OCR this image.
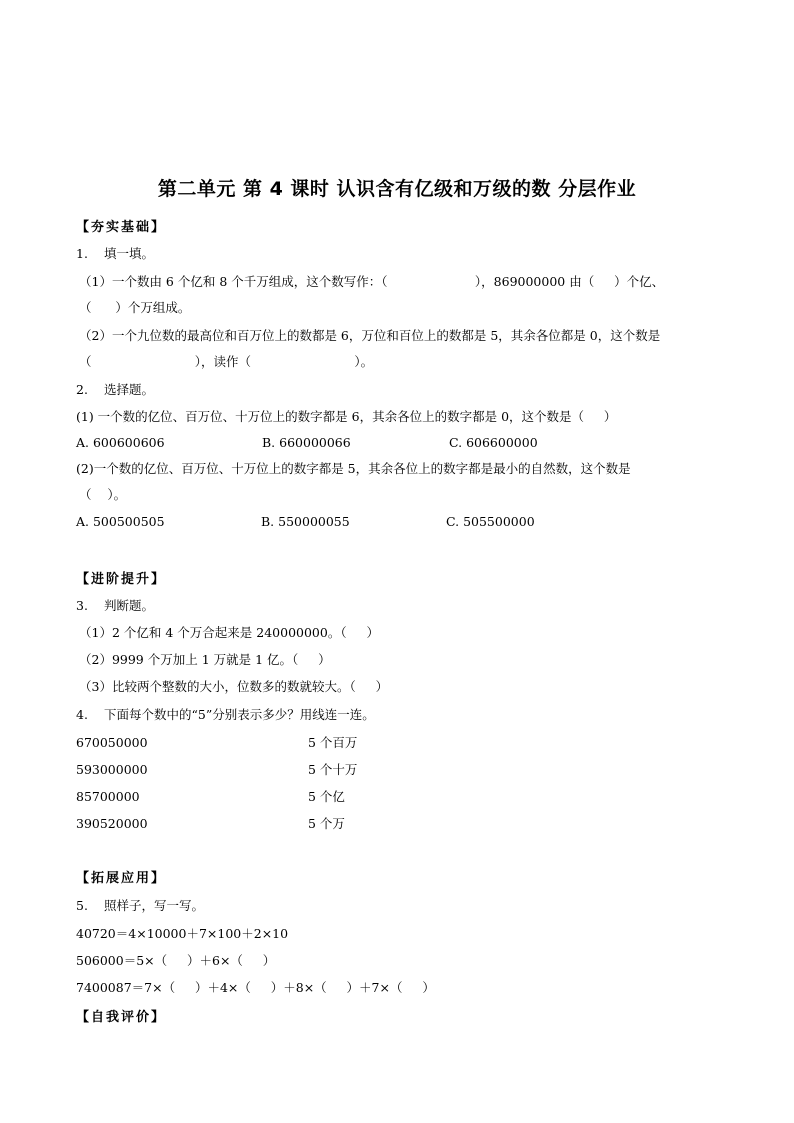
第二单元 第 4 课时 认识含有亿级和万级的数 分层作业
【夯实基础】
1. 填一填。
（1）一个数由 6 个亿和 8 个千万组成，这个数写作：（                      ），869000000 由（     ）个亿、
（      ）个万组成。
（2）一个九位数的最高位和百万位上的数都是 6，万位和百位上的数都是 5，其余各位都是 0，这个数是
（                          ），读作（                          ）。
2. 选择题。
(1) 一个数的亿位、百万位、十万位上的数字都是 6，其余各位上的数字都是 0，这个数是（     ）
A. 600600606	B. 660000066	C. 606600000
(2)一个数的亿位、百万位、十万位上的数字都是 5，其余各位上的数字都是最小的自然数，这个数是
（    ）。
A. 500500505	B. 550000055	C. 505500000
【进阶提升】
3. 判断题。
（1）2 个亿和 4 个万合起来是 240000000。（     ）
（2）9999 个万加上 1 万就是 1 亿。（     ）
（3）比较两个整数的大小，位数多的数就较大。（     ）
4. 下面每个数中的“5”分别表示多少？用线连一连。
670050000	5 个百万
593000000	5 个十万
85700000	5 个亿
390520000	5 个万
【拓展应用】
5. 照样子，写一写。
40720＝4×10000＋7×100＋2×10
506000＝5×（     ）＋6×（     ）
7400087＝7×（     ）＋4×（     ）＋8×（     ）＋7×（     ）
【自我评价】
